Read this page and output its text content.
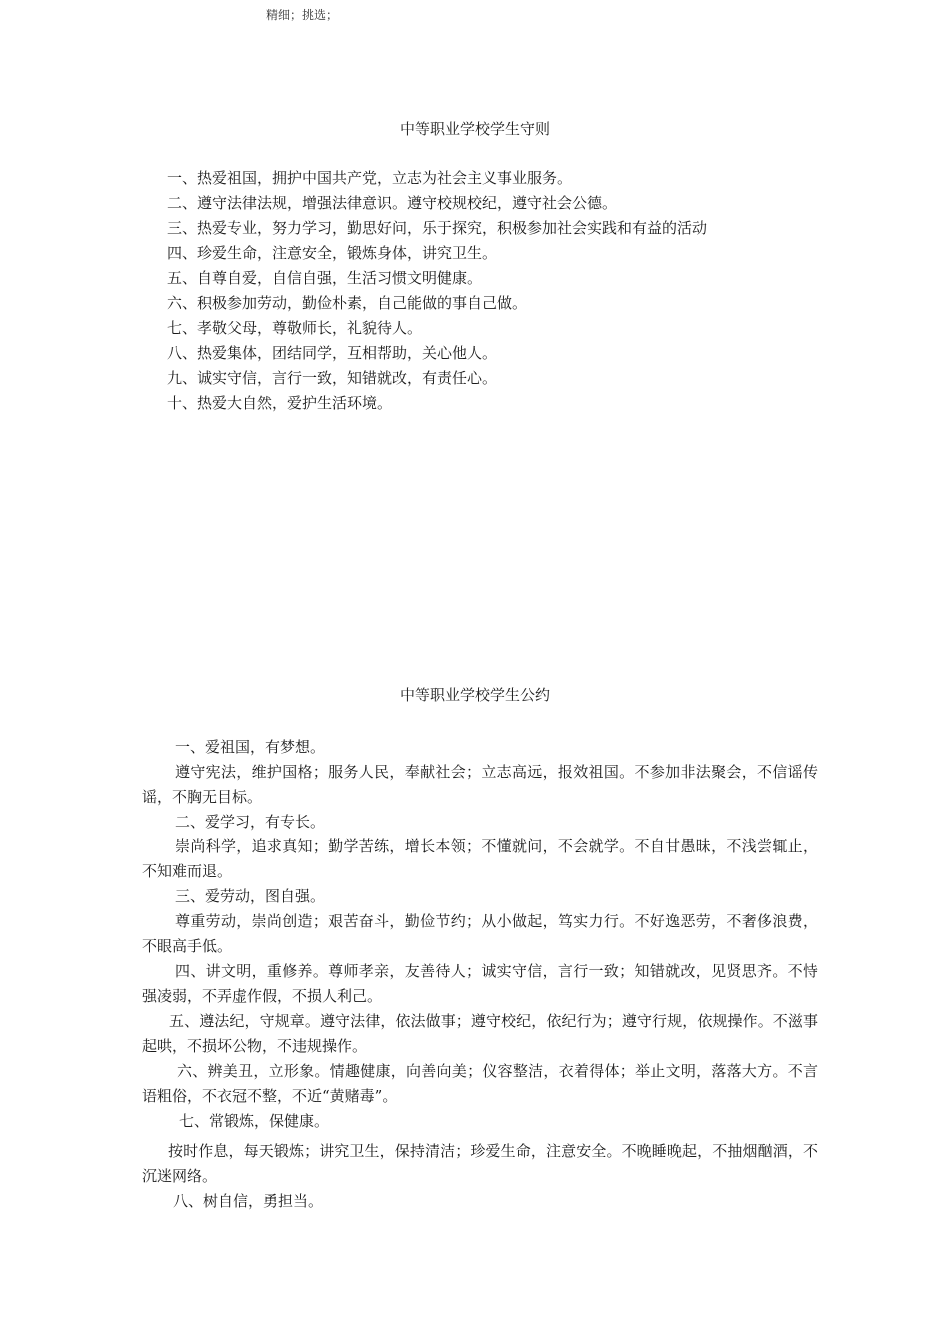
精细；挑选；
中等职业学校学生守则
一、热爱祖国，拥护中国共产党，立志为社会主义事业服务。
二、遵守法律法规，增强法律意识。遵守校规校纪，遵守社会公德。
三、热爱专业，努力学习，勤思好问，乐于探究，积极参加社会实践和有益的活动
四、珍爱生命，注意安全，锻炼身体，讲究卫生。
五、自尊自爱，自信自强，生活习惯文明健康。
六、积极参加劳动，勤俭朴素，自己能做的事自己做。
七、孝敬父母，尊敬师长，礼貌待人。
八、热爱集体，团结同学，互相帮助，关心他人。
九、诚实守信，言行一致，知错就改，有责任心。
十、热爱大自然，爱护生活环境。
中等职业学校学生公约

一、爱祖国，有梦想。

遵守宪法，维护国格；服务人民，奉献社会；立志高远，报效祖国。不参加非法聚会，不信谣传谣，不胸无目标。

二、爱学习，有专长。

崇尚科学，追求真知；勤学苦练，增长本领；不懂就问，不会就学。不自甘愚昧，不浅尝辄止，不知难而退。

三、爱劳动，图自强。

尊重劳动，崇尚创造；艰苦奋斗，勤俭节约；从小做起，笃实力行。不好逸恶劳，不奢侈浪费，不眼高手低。

四、讲文明，重修养。尊师孝亲，友善待人；诚实守信，言行一致；知错就改，见贤思齐。不恃强凌弱，不弄虚作假，不损人利己。

五、遵法纪，守规章。遵守法律，依法做事；遵守校纪，依纪行为；遵守行规，依规操作。不滋事起哄，不损坏公物，不违规操作。

六、辨美丑，立形象。情趣健康，向善向美；仪容整洁，衣着得体；举止文明，落落大方。不言语粗俗，不衣冠不整，不近“黄赌毒”。

七、常锻炼，保健康。

按时作息，每天锻炼；讲究卫生，保持清洁；珍爱生命，注意安全。不晚睡晚起，不抽烟酗酒，不沉迷网络。

八、树自信，勇担当。
